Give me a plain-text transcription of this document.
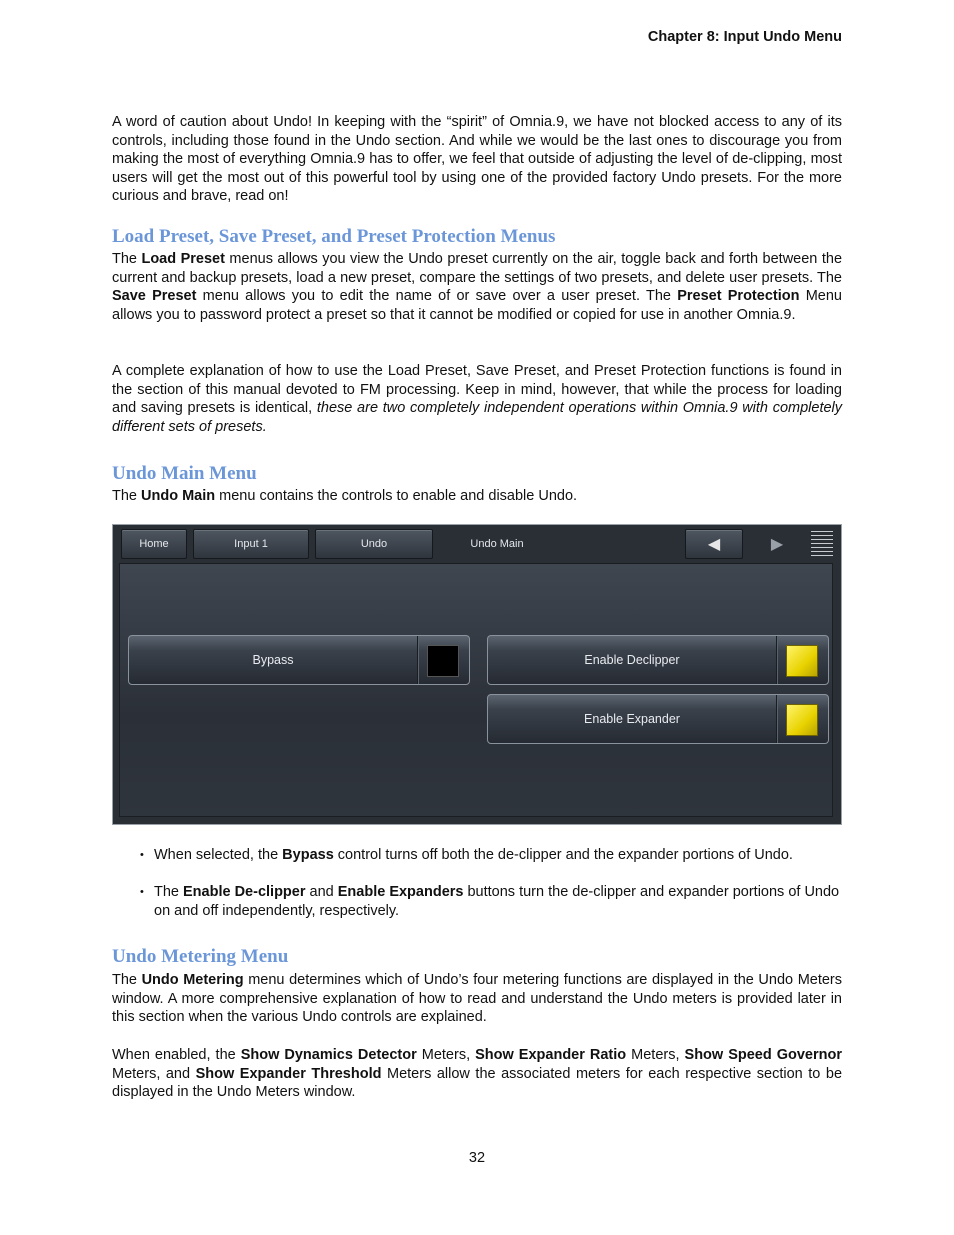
Chapter 8: Input Undo Menu

A word of caution about Undo! In keeping with the “spirit” of Omnia.9, we have not blocked access to any of its controls, including those found in the Undo section. And while we would be the last ones to discourage you from making the most of everything Omnia.9 has to offer, we feel that outside of adjusting the level of de-clipping, most users will get the most out of this powerful tool by using one of the provided factory Undo presets. For the more curious and brave, read on!

Load Preset, Save Preset, and Preset Protection Menus

The Load Preset menus allows you view the Undo preset currently on the air, toggle back and forth between the current and backup presets, load a new preset, compare the settings of two presets, and delete user presets. The Save Preset menu allows you to edit the name of or save over a user preset. The Preset Protection Menu allows you to password protect a preset so that it cannot be modified or copied for use in another Omnia.9.

A complete explanation of how to use the Load Preset, Save Preset, and Preset Protection functions is found in the section of this manual devoted to FM processing. Keep in mind, however, that while the process for loading and saving presets is identical, these are two completely independent operations within Omnia.9 with completely different sets of presets.

Undo Main Menu

The Undo Main menu contains the controls to enable and disable Undo.

Home	Input 1	Undo	Undo Main	◀	▶
Bypass	Enable Declipper
Enable Expander

• When selected, the Bypass control turns off both the de-clipper and the expander portions of Undo.

• The Enable De-clipper and Enable Expanders buttons turn the de-clipper and expander portions of Undo on and off independently, respectively.

Undo Metering Menu

The Undo Metering menu determines which of Undo’s four metering functions are displayed in the Undo Meters window. A more comprehensive explanation of how to read and understand the Undo meters is provided later in this section when the various Undo controls are explained.

When enabled, the Show Dynamics Detector Meters, Show Expander Ratio Meters, Show Speed Governor Meters, and Show Expander Threshold Meters allow the associated meters for each respective section to be displayed in the Undo Meters window.

32
